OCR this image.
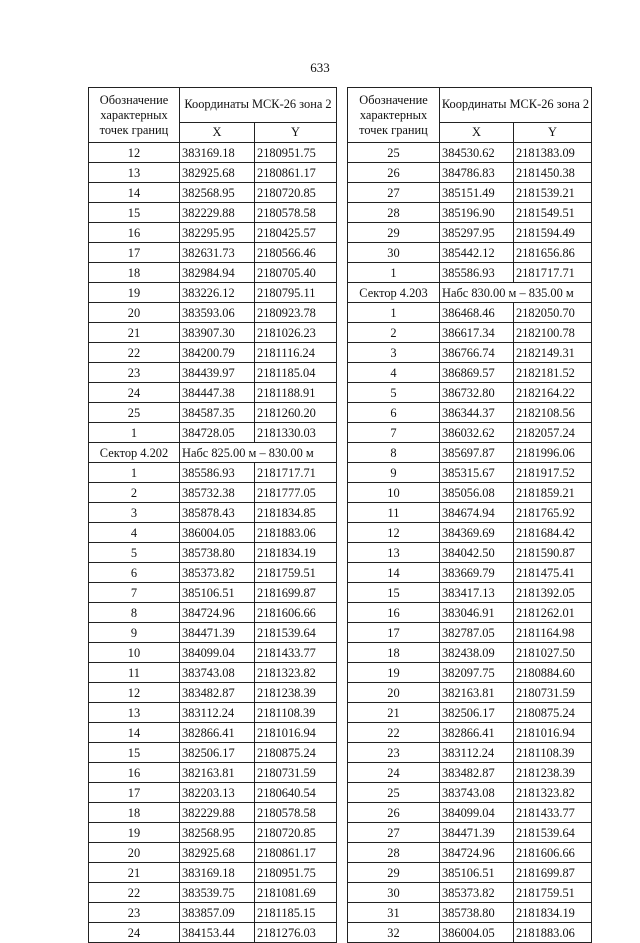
633
Обозначение характерных точек границ	Координаты МСК-26 зона 2	
	X	Y
12	383169.18	2180951.75
13	382925.68	2180861.17
14	382568.95	2180720.85
15	382229.88	2180578.58
16	382295.95	2180425.57
17	382631.73	2180566.46
18	382984.94	2180705.40
19	383226.12	2180795.11
20	383593.06	2180923.78
21	383907.30	2181026.23
22	384200.79	2181116.24
23	384439.97	2181185.04
24	384447.38	2181188.91
25	384587.35	2181260.20
1	384728.05	2181330.03
Сектор 4.202	Набс 825.00 м – 830.00 м	
1	385586.93	2181717.71
2	385732.38	2181777.05
3	385878.43	2181834.85
4	386004.05	2181883.06
5	385738.80	2181834.19
6	385373.82	2181759.51
7	385106.51	2181699.87
8	384724.96	2181606.66
9	384471.39	2181539.64
10	384099.04	2181433.77
11	383743.08	2181323.82
12	383482.87	2181238.39
13	383112.24	2181108.39
14	382866.41	2181016.94
15	382506.17	2180875.24
16	382163.81	2180731.59
17	382203.13	2180640.54
18	382229.88	2180578.58
19	382568.95	2180720.85
20	382925.68	2180861.17
21	383169.18	2180951.75
22	383539.75	2181081.69
23	383857.09	2181185.15
24	384153.44	2181276.03
Обозначение характерных точек границ	Координаты МСК-26 зона 2	
	X	Y
25	384530.62	2181383.09
26	384786.83	2181450.38
27	385151.49	2181539.21
28	385196.90	2181549.51
29	385297.95	2181594.49
30	385442.12	2181656.86
1	385586.93	2181717.71
Сектор 4.203	Набс 830.00 м – 835.00 м	
1	386468.46	2182050.70
2	386617.34	2182100.78
3	386766.74	2182149.31
4	386869.57	2182181.52
5	386732.80	2182164.22
6	386344.37	2182108.56
7	386032.62	2182057.24
8	385697.87	2181996.06
9	385315.67	2181917.52
10	385056.08	2181859.21
11	384674.94	2181765.92
12	384369.69	2181684.42
13	384042.50	2181590.87
14	383669.79	2181475.41
15	383417.13	2181392.05
16	383046.91	2181262.01
17	382787.05	2181164.98
18	382438.09	2181027.50
19	382097.75	2180884.60
20	382163.81	2180731.59
21	382506.17	2180875.24
22	382866.41	2181016.94
23	383112.24	2181108.39
24	383482.87	2181238.39
25	383743.08	2181323.82
26	384099.04	2181433.77
27	384471.39	2181539.64
28	384724.96	2181606.66
29	385106.51	2181699.87
30	385373.82	2181759.51
31	385738.80	2181834.19
32	386004.05	2181883.06
